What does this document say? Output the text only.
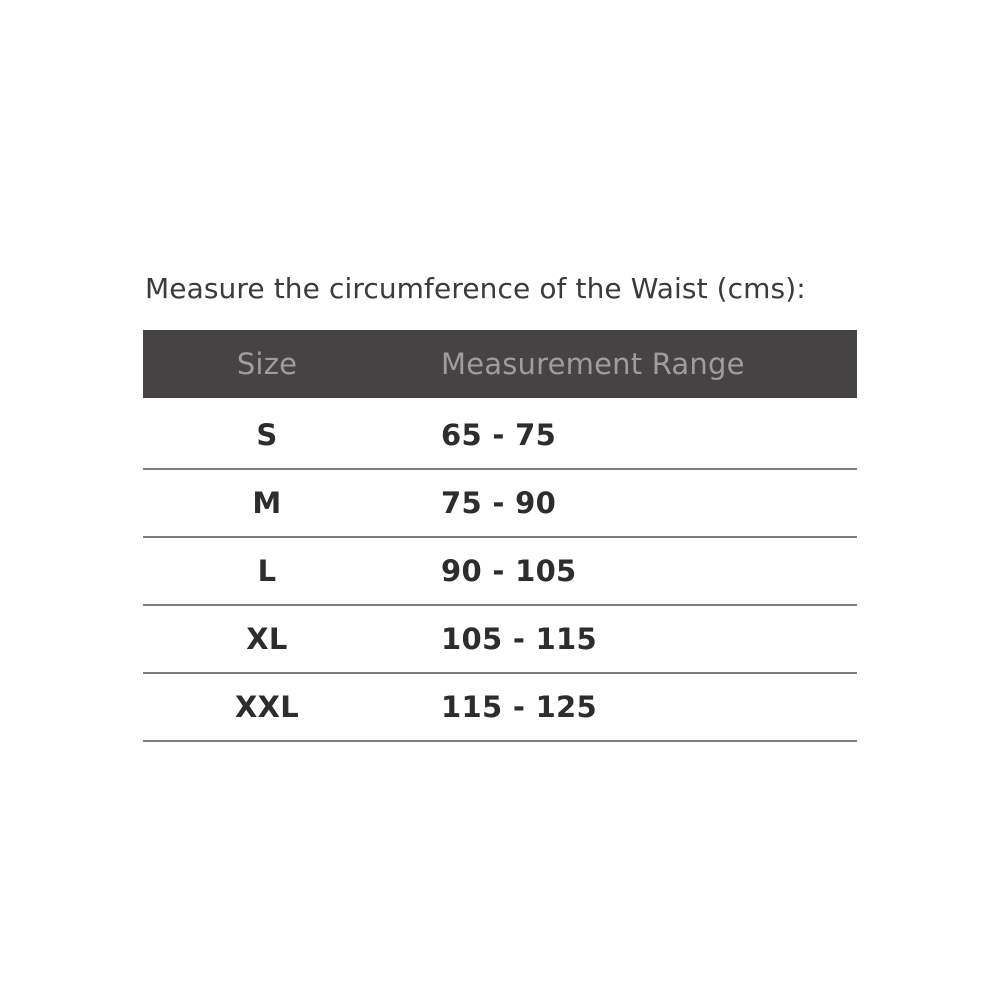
Measure the circumference of the Waist (cms):

Size	Measurement Range
S	65 - 75
M	75 - 90
L	90 - 105
XL	105 - 115
XXL	115 - 125
